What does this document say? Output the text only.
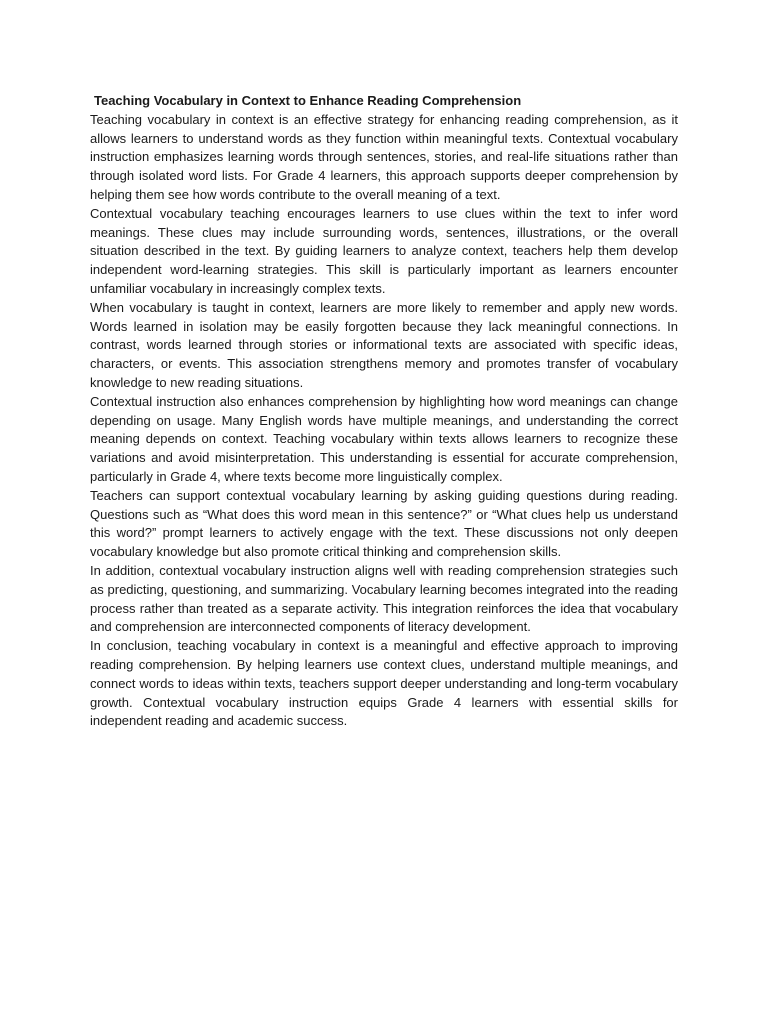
Teaching Vocabulary in Context to Enhance Reading Comprehension

Teaching vocabulary in context is an effective strategy for enhancing reading comprehension, as it allows learners to understand words as they function within meaningful texts. Contextual vocabulary instruction emphasizes learning words through sentences, stories, and real-life situations rather than through isolated word lists. For Grade 4 learners, this approach supports deeper comprehension by helping them see how words contribute to the overall meaning of a text.

Contextual vocabulary teaching encourages learners to use clues within the text to infer word meanings. These clues may include surrounding words, sentences, illustrations, or the overall situation described in the text. By guiding learners to analyze context, teachers help them develop independent word-learning strategies. This skill is particularly important as learners encounter unfamiliar vocabulary in increasingly complex texts.

When vocabulary is taught in context, learners are more likely to remember and apply new words. Words learned in isolation may be easily forgotten because they lack meaningful connections. In contrast, words learned through stories or informational texts are associated with specific ideas, characters, or events. This association strengthens memory and promotes transfer of vocabulary knowledge to new reading situations.

Contextual instruction also enhances comprehension by highlighting how word meanings can change depending on usage. Many English words have multiple meanings, and understanding the correct meaning depends on context. Teaching vocabulary within texts allows learners to recognize these variations and avoid misinterpretation. This understanding is essential for accurate comprehension, particularly in Grade 4, where texts become more linguistically complex.

Teachers can support contextual vocabulary learning by asking guiding questions during reading. Questions such as “What does this word mean in this sentence?” or “What clues help us understand this word?” prompt learners to actively engage with the text. These discussions not only deepen vocabulary knowledge but also promote critical thinking and comprehension skills.

In addition, contextual vocabulary instruction aligns well with reading comprehension strategies such as predicting, questioning, and summarizing. Vocabulary learning becomes integrated into the reading process rather than treated as a separate activity. This integration reinforces the idea that vocabulary and comprehension are interconnected components of literacy development.

In conclusion, teaching vocabulary in context is a meaningful and effective approach to improving reading comprehension. By helping learners use context clues, understand multiple meanings, and connect words to ideas within texts, teachers support deeper understanding and long-term vocabulary growth. Contextual vocabulary instruction equips Grade 4 learners with essential skills for independent reading and academic success.
